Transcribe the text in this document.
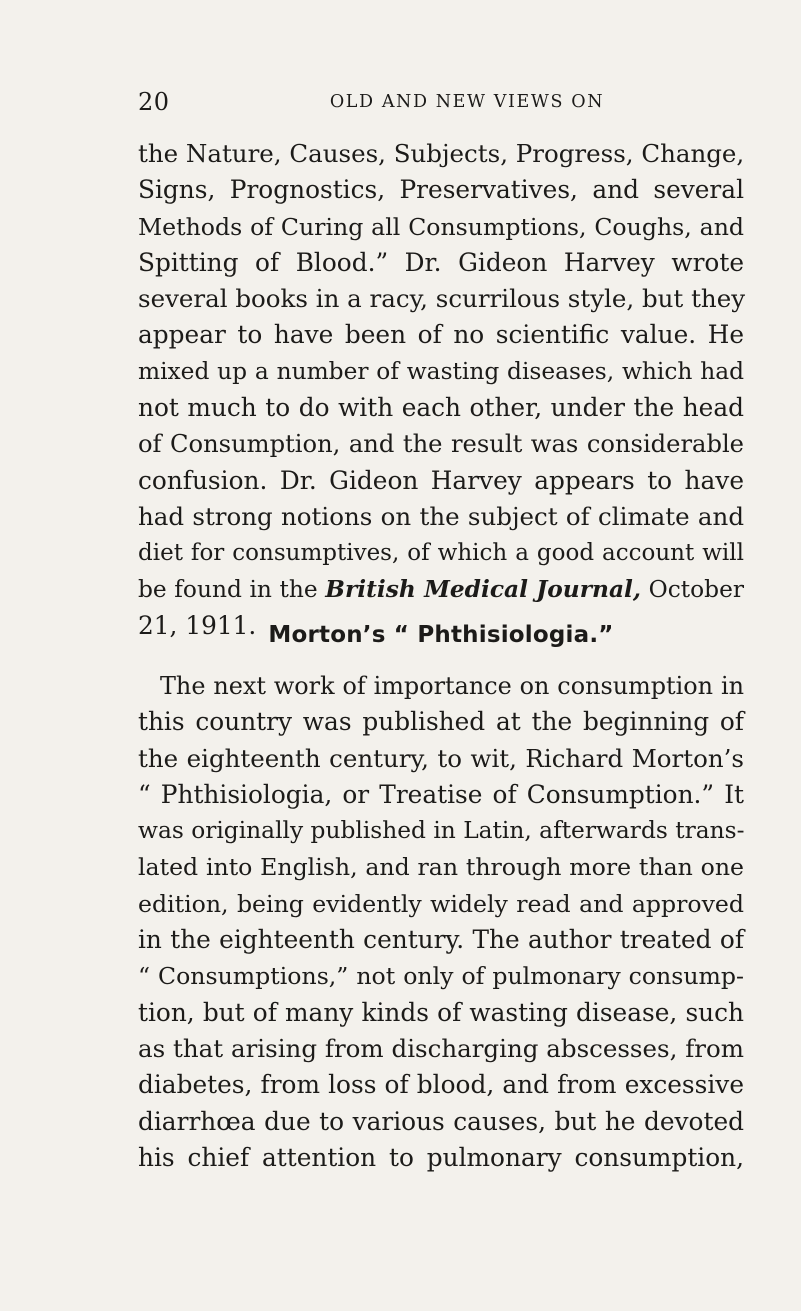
20	OLD AND NEW VIEWS ON
the Nature, Causes, Subjects, Progress, Change,
Signs, Prognostics, Preservatives, and several
Methods of Curing all Consumptions, Coughs, and
Spitting of Blood.” Dr. Gideon Harvey wrote
several books in a racy, scurrilous style, but they
appear to have been of no scientific value. He
mixed up a number of wasting diseases, which had
not much to do with each other, under the head
of Consumption, and the result was considerable
confusion. Dr. Gideon Harvey appears to have
had strong notions on the subject of climate and
diet for consumptives, of which a good account will
be found in the British Medical Journal, October
21, 1911. Morton’s “ Phthisiologia.”
The next work of importance on consumption in
this country was published at the beginning of
the eighteenth century, to wit, Richard Morton’s
“ Phthisiologia, or Treatise of Consumption.” It
was originally published in Latin, afterwards trans-
lated into English, and ran through more than one
edition, being evidently widely read and approved
in the eighteenth century. The author treated of
“ Consumptions,” not only of pulmonary consump-
tion, but of many kinds of wasting disease, such
as that arising from discharging abscesses, from
diabetes, from loss of blood, and from excessive
diarrhœa due to various causes, but he devoted
his chief attention to pulmonary consumption,
